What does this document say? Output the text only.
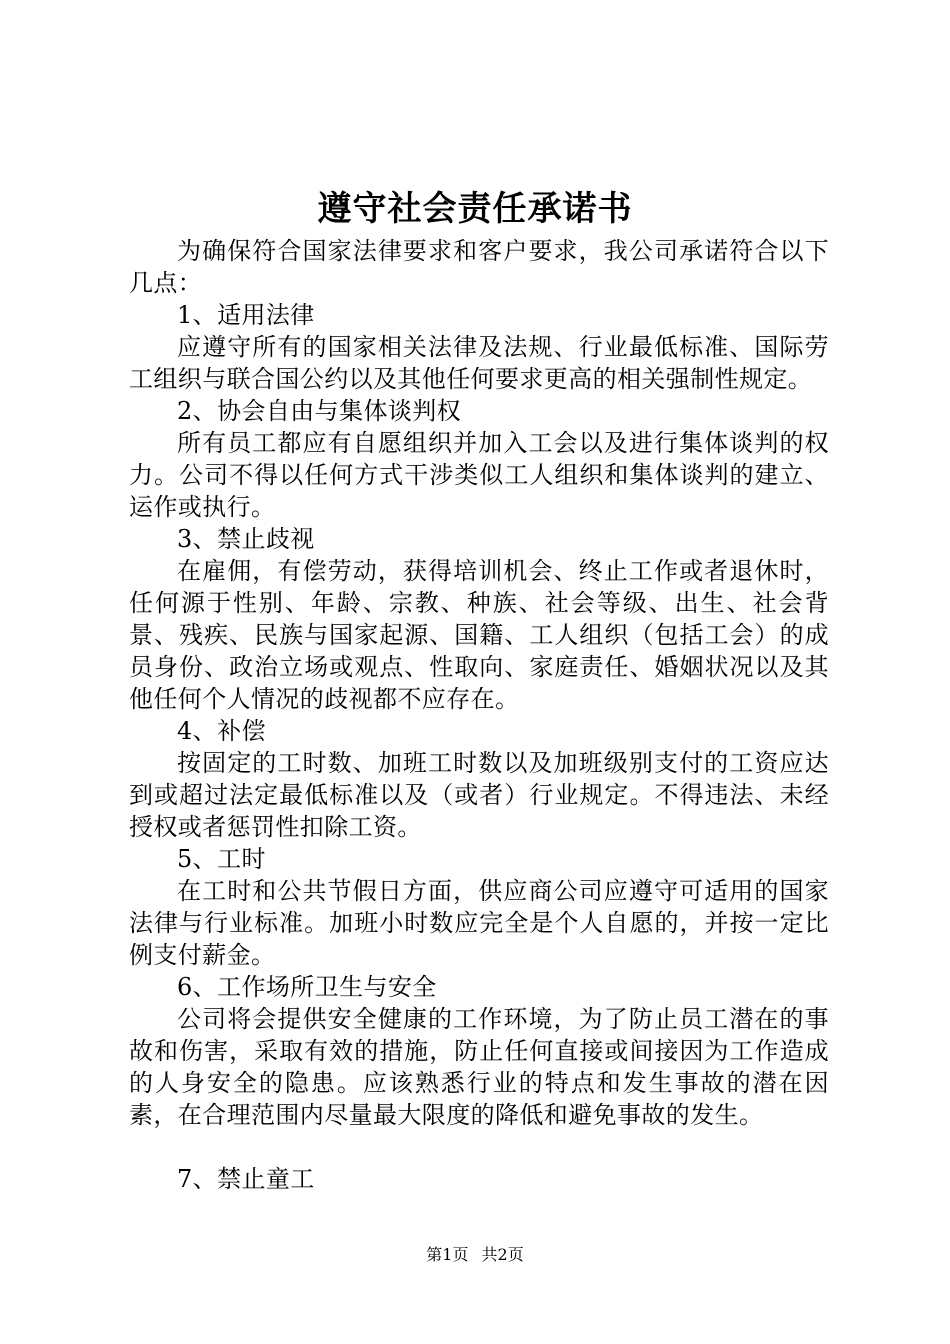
遵守社会责任承诺书

为确保符合国家法律要求和客户要求，我公司承诺符合以下几点：

1、适用法律

应遵守所有的国家相关法律及法规、行业最低标准、国际劳工组织与联合国公约以及其他任何要求更高的相关强制性规定。

2、协会自由与集体谈判权

所有员工都应有自愿组织并加入工会以及进行集体谈判的权力。公司不得以任何方式干涉类似工人组织和集体谈判的建立、运作或执行。

3、禁止歧视

在雇佣，有偿劳动，获得培训机会、终止工作或者退休时，任何源于性别、年龄、宗教、种族、社会等级、出生、社会背景、残疾、民族与国家起源、国籍、工人组织（包括工会）的成员身份、政治立场或观点、性取向、家庭责任、婚姻状况以及其他任何个人情况的歧视都不应存在。

4、补偿

按固定的工时数、加班工时数以及加班级别支付的工资应达到或超过法定最低标准以及（或者）行业规定。不得违法、未经授权或者惩罚性扣除工资。

5、工时

在工时和公共节假日方面，供应商公司应遵守可适用的国家法律与行业标准。加班小时数应完全是个人自愿的，并按一定比例支付薪金。

6、工作场所卫生与安全

公司将会提供安全健康的工作环境，为了防止员工潜在的事故和伤害，采取有效的措施，防止任何直接或间接因为工作造成的人身安全的隐患。应该熟悉行业的特点和发生事故的潜在因素，在合理范围内尽量最大限度的降低和避免事故的发生。

7、禁止童工

第1页 共2页
